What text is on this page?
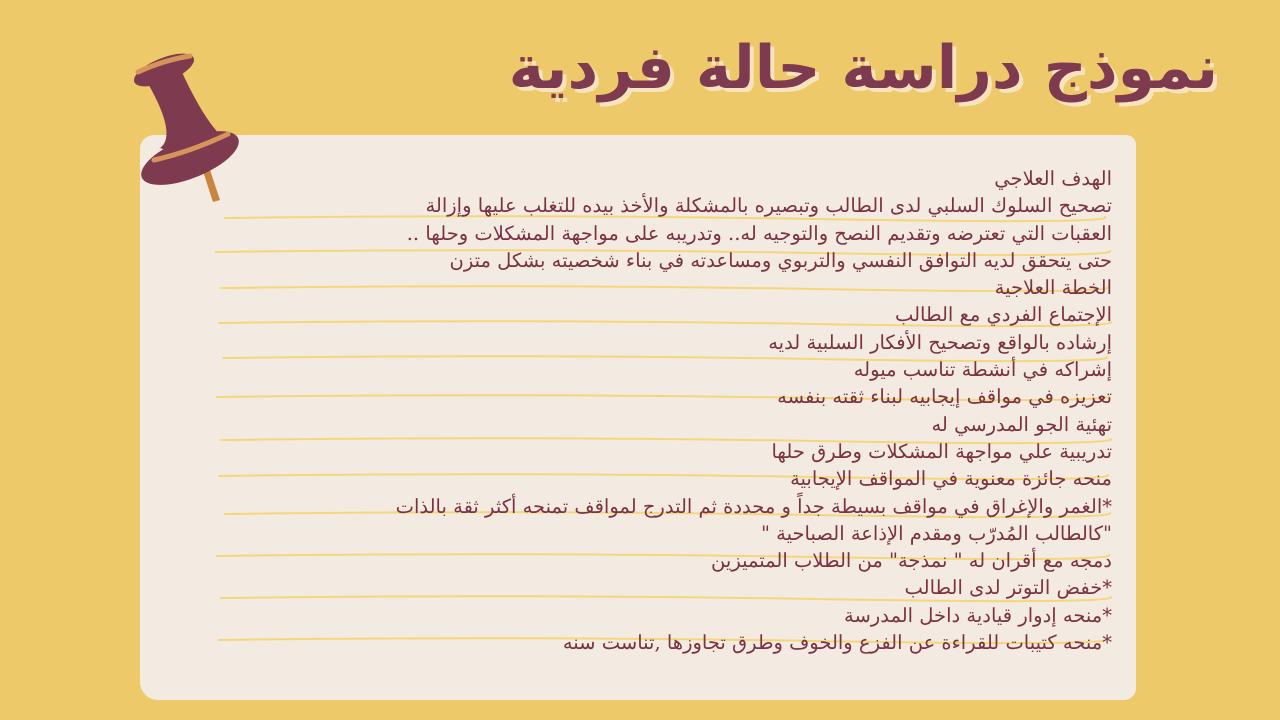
نموذج دراسة حالة فردية
الهدف العلاجي
تصحيح السلوك السلبي لدى الطالب وتبصيره بالمشكلة والأخذ بيده للتغلب عليها وإزالة
العقبات التي تعترضه وتقديم النصح والتوجيه له.. وتدريبه على مواجهة المشكلات وحلها ..
حتى يتحقق لديه التوافق النفسي والتربوي ومساعدته في بناء شخصيته بشكل متزن
الخطة العلاجية
الإجتماع الفردي مع الطالب
إرشاده بالواقع وتصحيح الأفكار السلبية لديه
إشراكه في أنشطة تناسب ميوله
تعزيزه في مواقف إيجابيه لبناء ثقته بنفسه
تهئية الجو المدرسي له
تدريبية علي مواجهة المشكلات وطرق حلها
منحه جائزة معنوية في المواقف الإيجابية
*الغمر والإغراق في مواقف بسيطة جداً و محددة ثم التدرج لمواقف تمنحه أكثر ثقة بالذات
"كالطالب المُدرّب ومقدم الإذاعة الصباحية "
دمجه مع أقران له " نمذجة" من الطلاب المتميزين
*خفض التوتر لدى الطالب
*منحه إدوار قيادية داخل المدرسة
*منحه كتيبات للقراءة عن الفزع والخوف وطرق تجاوزها ,تناست سنه
